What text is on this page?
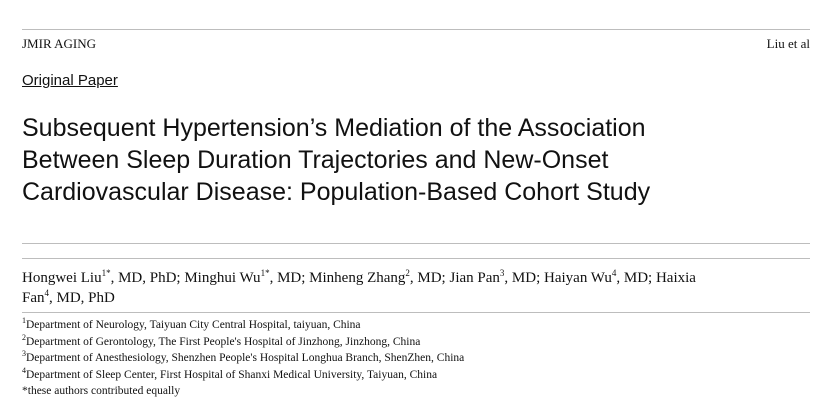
JMIR AGING	Liu et al
Original Paper
Subsequent Hypertension’s Mediation of the Association
Between Sleep Duration Trajectories and New-Onset
Cardiovascular Disease: Population-Based Cohort Study
Hongwei Liu$^{1*}$, MD, PhD; Minghui $Wu^{1*}$, MD; Minheng Zhang$^2$, MD; Jian Pan$^3$, MD; Haiyan Wu$^4$, MD; Haixia
Fan$^4$, MD, PhD
$^1$Department of Neurology, Taiyuan City Central Hospital, taiyuan, China
$^2$Department of Gerontology, The First People's Hospital of Jinzhong, Jinzhong, China
$^3$Department of Anesthesiology, Shenzhen People's Hospital Longhua Branch, ShenZhen, China
$^4$Department of Sleep Center, First Hospital of Shanxi Medical University, Taiyuan, China
*these authors contributed equally
